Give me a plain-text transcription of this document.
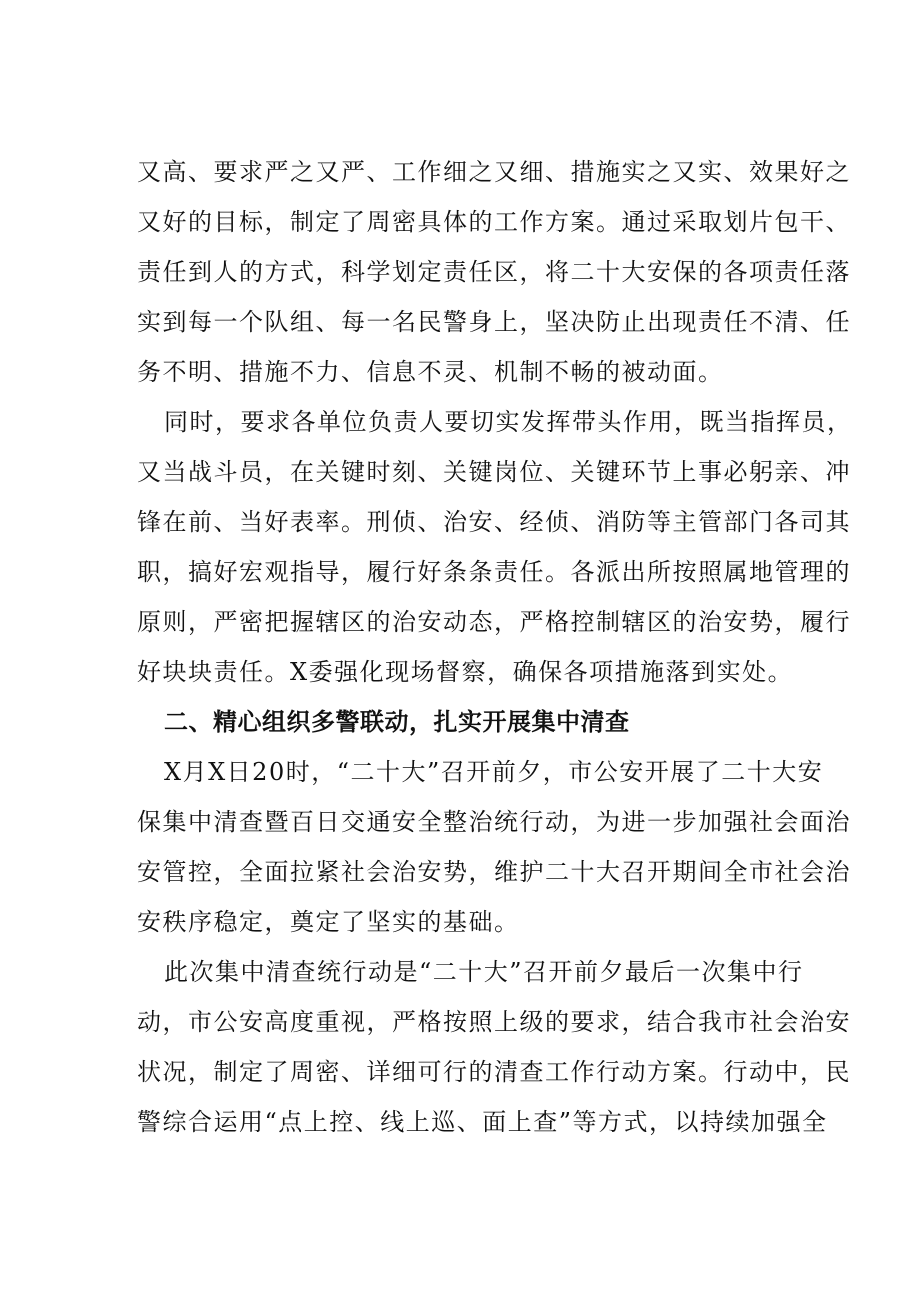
又高、要求严之又严、工作细之又细、措施实之又实、效果好之
又好的目标，制定了周密具体的工作方案。通过采取划片包干、
责任到人的方式，科学划定责任区，将二十大安保的各项责任落
实到每一个队组、每一名民警身上，坚决防止出现责任不清、任
务不明、措施不力、信息不灵、机制不畅的被动面。
同时，要求各单位负责人要切实发挥带头作用，既当指挥员，
又当战斗员，在关键时刻、关键岗位、关键环节上事必躬亲、冲
锋在前、当好表率。刑侦、治安、经侦、消防等主管部门各司其
职，搞好宏观指导，履行好条条责任。各派出所按照属地管理的
原则，严密把握辖区的治安动态，严格控制辖区的治安势，履行
好块块责任。X委强化现场督察，确保各项措施落到实处。
二、精心组织多警联动，扎实开展集中清查
X月X日20时，“二十大”召开前夕，市公安开展了二十大安
保集中清查暨百日交通安全整治统行动，为进一步加强社会面治
安管控，全面拉紧社会治安势，维护二十大召开期间全市社会治
安秩序稳定，奠定了坚实的基础。
此次集中清查统行动是“二十大”召开前夕最后一次集中行
动，市公安高度重视，严格按照上级的要求，结合我市社会治安
状况，制定了周密、详细可行的清查工作行动方案。行动中，民
警综合运用“点上控、线上巡、面上查”等方式，以持续加强全
